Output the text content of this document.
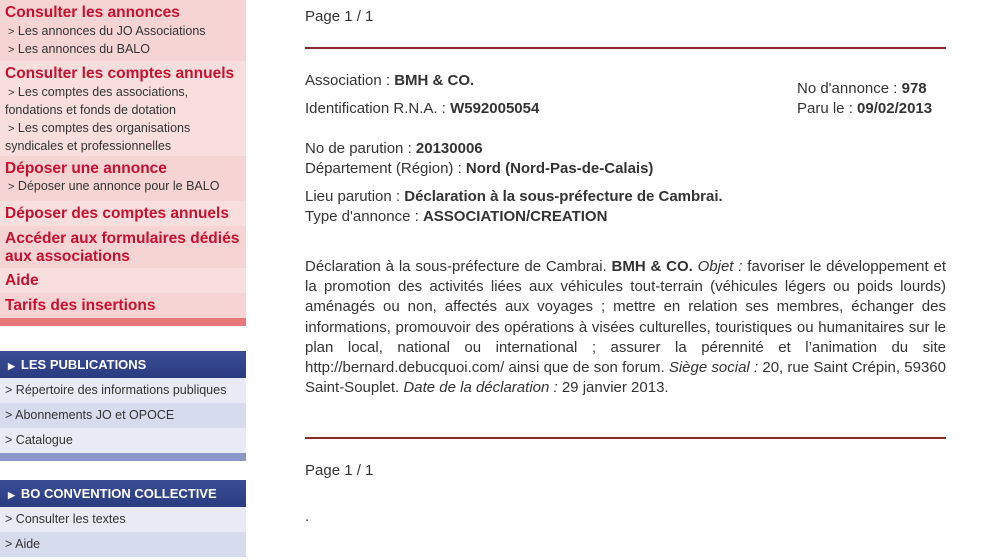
Consulter les annonces
> Les annonces du JO Associations
> Les annonces du BALO
Consulter les comptes annuels
> Les comptes des associations, fondations et fonds de dotation
> Les comptes des organisations syndicales et professionnelles
Déposer une annonce
> Déposer une annonce pour le BALO
Déposer des comptes annuels
Accéder aux formulaires dédiés aux associations
Aide
Tarifs des insertions
▶ LES PUBLICATIONS
> Répertoire des informations publiques
> Abonnements JO et OPOCE
> Catalogue
▶ BO CONVENTION COLLECTIVE
> Consulter les textes
> Aide
Page 1 / 1
Association : BMH & CO.
Identification R.N.A. : W592005054
No d'annonce : 978
Paru le : 09/02/2013
No de parution : 20130006
Département (Région) : Nord (Nord-Pas-de-Calais)
Lieu parution : Déclaration à la sous-préfecture de Cambrai.
Type d'annonce : ASSOCIATION/CREATION
Déclaration à la sous-préfecture de Cambrai. BMH & CO. Objet : favoriser le développement et la promotion des activités liées aux véhicules tout-terrain (véhicules légers ou poids lourds) aménagés ou non, affectés aux voyages ; mettre en relation ses membres, échanger des informations, promouvoir des opérations à visées culturelles, touristiques ou humanitaires sur le plan local, national ou international ; assurer la pérennité et l’animation du site http://bernard.debucquoi.com/ ainsi que de son forum. Siège social : 20, rue Saint Crépin, 59360 Saint-Souplet. Date de la déclaration : 29 janvier 2013.
Page 1 / 1
.
